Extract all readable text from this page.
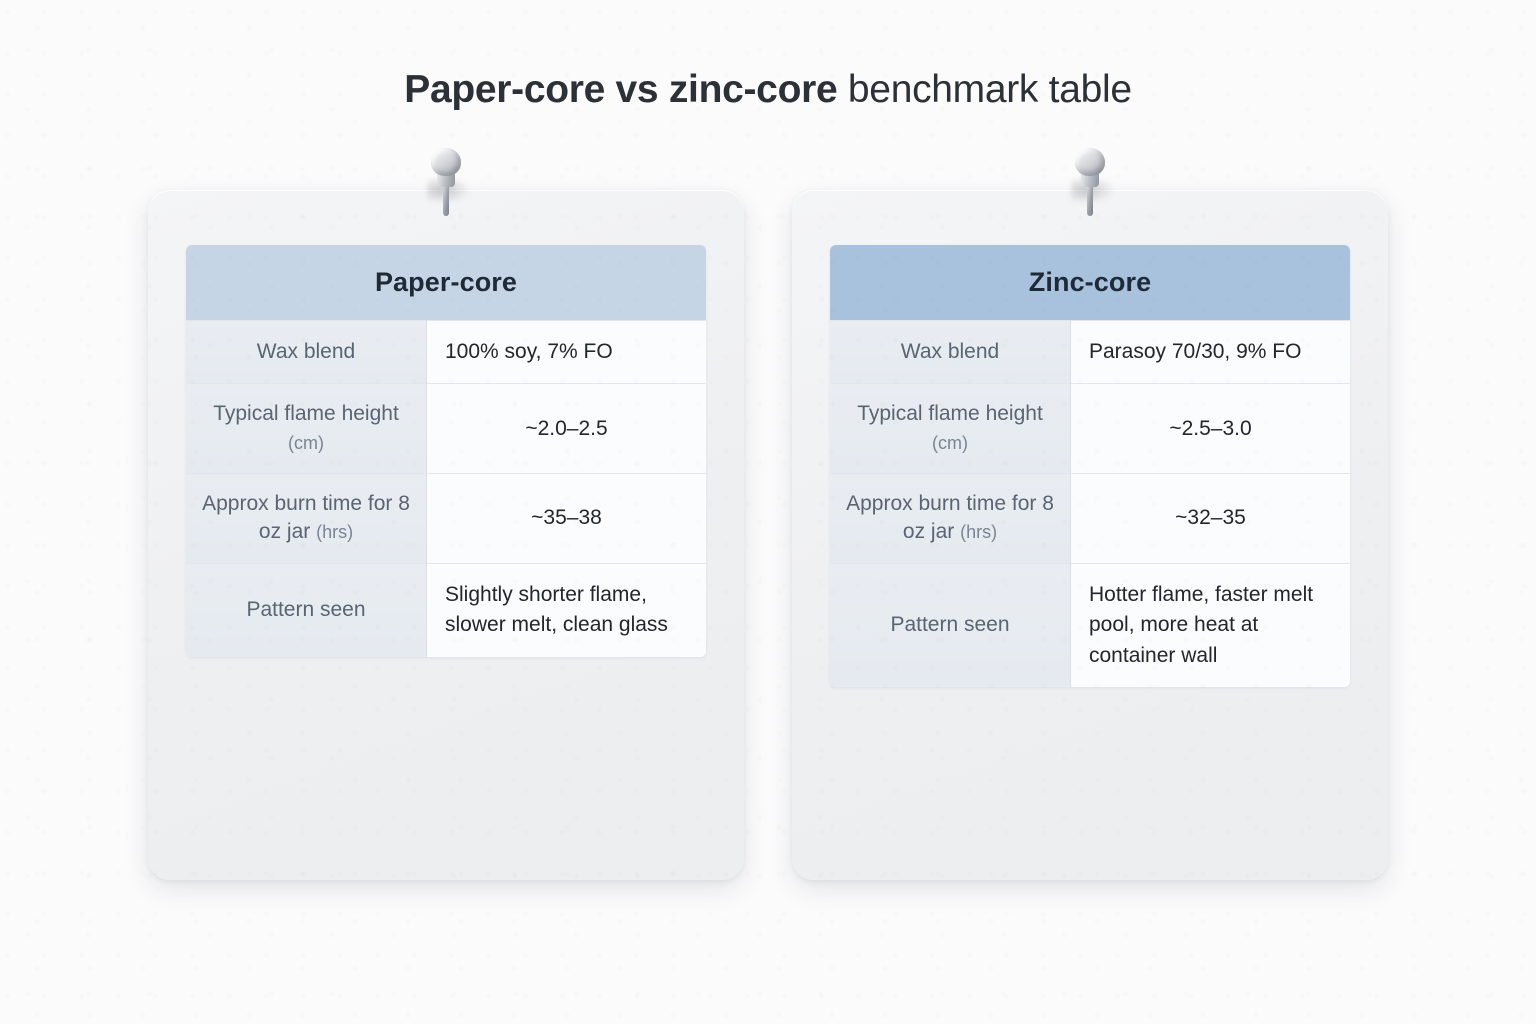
Paper-core vs zinc-core benchmark table
Paper-core	
Wax blend	100% soy, 7% FO
Typical flame height (cm)	~2.0–2.5
Approx burn time for 8 oz jar (hrs)	~35–38
Pattern seen	Slightly shorter flame, slower melt, clean glass
Zinc-core	
Wax blend	Parasoy 70/30, 9% FO
Typical flame height (cm)	~2.5–3.0
Approx burn time for 8 oz jar (hrs)	~32–35
Pattern seen	Hotter flame, faster melt pool, more heat at container wall
